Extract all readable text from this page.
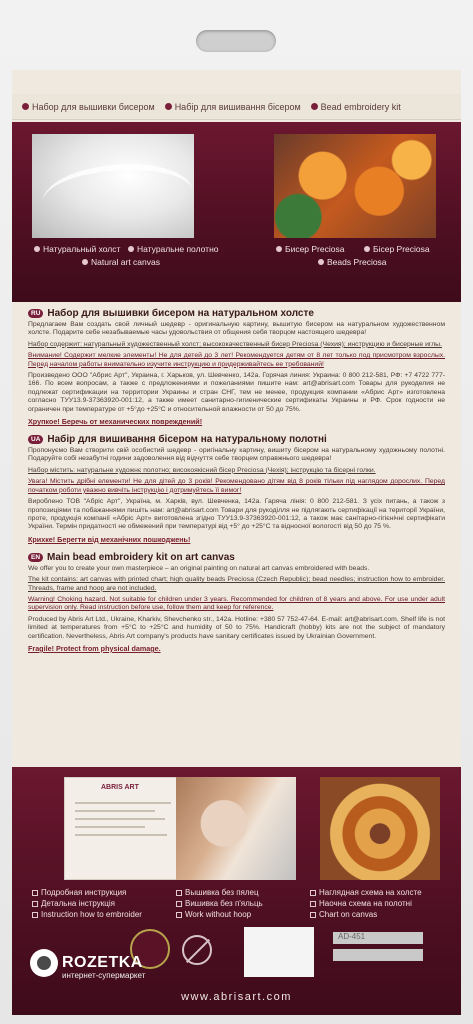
Набор для вышивки бисером Набір для вишивання бісером Bead embroidery kit
Натуральный холст Натуральне полотно
Natural art canvas
Бисер Preciosa	Бісер Preciosa
Beads Preciosa
RU Набор для вышивки бисером на натуральном холсте
Предлагаем Вам создать свой личный шедевр - оригинальную картину, вышитую бисером на натуральном художественном холсте. Подарите себе незабываемые часы удовольствия от общения себя творцом настоящего шедевра!
Набор содержит: натуральный художественный холст; высококачественный бисер Preciosa (Чехия); инструкцию и бисерные иглы.
Внимание! Содержит мелкие элементы! Не для детей до 3 лет! Рекомендуется детям от 8 лет только под присмотром взрослых. Перед началом работы внимательно изучите инструкцию и придерживайтесь ее требований!
Произведено ООО "Абрис Арт", Украина, г. Харьков, ул. Шевченко, 142а. Горячая линия: Украина: 0 800 212-581, РФ: +7 4722 777-166. По всем вопросам, а также с предложениями и пожеланиями пишите нам: art@abrisart.com Товары для рукоделия не подлежат сертификации на территории Украины и стран СНГ, тем не менее, продукция компании «Абрис Арт» изготовлена согласно ТУУ13.9-37363920-001:12, а также имеет санитарно-гигиенические сертификаты Украины и РФ. Срок годности не ограничен при температуре от +5°до +25°С и относительной влажности от 50 до 75%.
Хрупкое! Беречь от механических повреждений!
UA Набір для вишивання бісером на натуральному полотні
Пропонуємо Вам створити свій особистий шедевр - оригінальну картину, вишиту бісером на натуральному художньому полотні. Подаруйте собі незабутні години задоволення від відчуття себе творцем справжнього шедевра!
Набор містить: натуральне художнє полотно; високоякісний бісер Preciosa (Чехія); інструкцію та бісерні голки.
Увага! Містить дрібні елементи! Не для дітей до 3 років! Рекомендовано дітям від 8 років тільки під наглядом дорослих. Перед початком роботи уважно вивчіть інструкцію і дотримуйтесь її вимог!
Вироблено ТОВ "Абріс Арт", Україна, м. Харків, вул. Шевченка, 142а. Гаряча лінія: 0 800 212-581. З усіх питань, а також з пропозиціями та побажаннями пишіть нам: art@abrisart.com Товари для рукоділля не підлягають сертифікації на території України, проте, продукція компанії «Абріс Арт» виготовлена згідно ТУУ13.9-37363920-001:12, а також має санітарно-гігієнічні сертифікати України. Термін придатності не обмежений при температурі від +5° до +25°С та відносної вологості від 50 до 75 %.
Крихке! Берегти від механічних пошкоджень!
EN Main bead embroidery kit on art canvas
We offer you to create your own masterpiece – an original painting on natural art canvas embroidered with beads.
The kit contains: art canvas with printed chart; high quality beads Preciosa (Czech Republic); bead needles; instruction how to embroider. Threads, frame and hoop are not included.
Warning! Choking hazard. Not suitable for children under 3 years. Recommended for children of 8 years and above. For use under adult supervision only. Read instruction before use, follow them and keep for reference.
Produced by Abris Art Ltd., Ukraine, Kharkiv, Shevchenko str., 142a. Hotline: +380 57 752-47-64. E-mail: art@abrisart.com. Shelf life is not limited at temperatures from +5°C to +25°C and humidity of 50 to 75%. Handicraft (hobby) kits are not the subject of mandatory certification. Nevertheless, Abris Art company's products have sanitary certificates issued by Ukrainian Government.
Fragile! Protect from physical damage.
ABRIS ART
Подробная инструкция
Детальна інструкція
Instruction how to embroider
Вышивка без пялец
Вишивка без п'яльць
Work without hoop
Наглядная схема на холсте
Наочна схема на полотні
Chart on canvas
AD-451
ROZETKA
интернет-супермаркет
www.abrisart.com
